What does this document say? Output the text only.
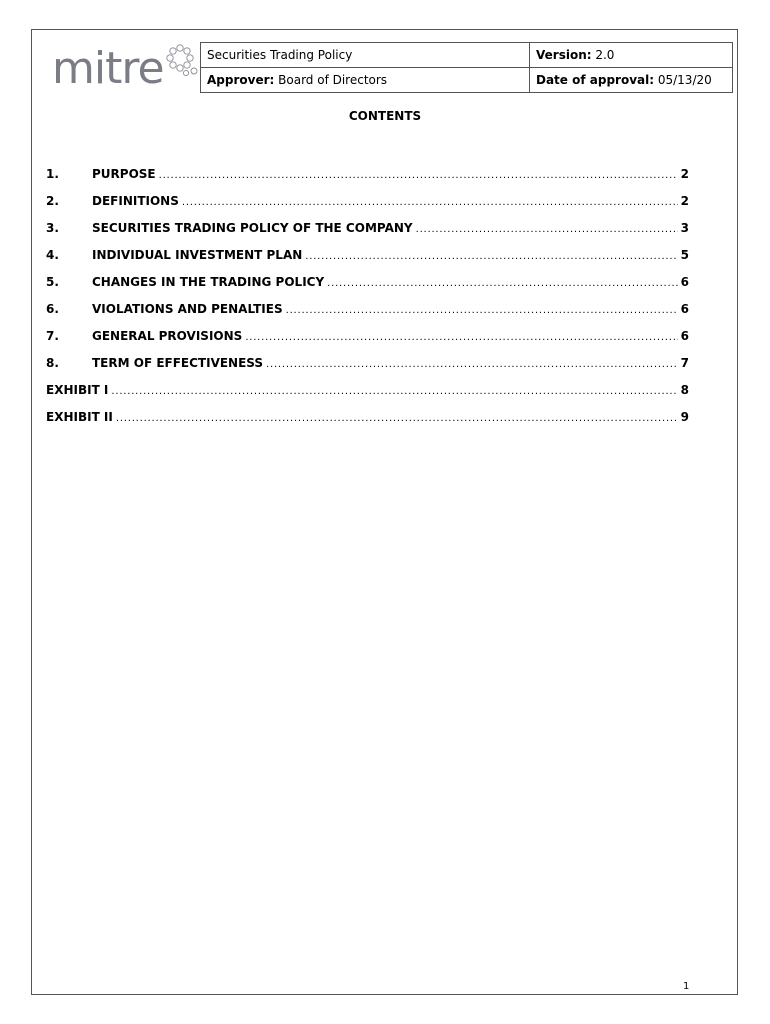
mitre	Securities Trading Policy	Version: 2.0
Approver: Board of Directors	Date of approval: 05/13/20
CONTENTS
1.	PURPOSE . . .	2
2.	DEFINITIONS . . .	2
3.	SECURITIES TRADING POLICY OF THE COMPANY . . .	3
4.	INDIVIDUAL INVESTMENT PLAN . . .	5
5.	CHANGES IN THE TRADING POLICY . . .	6
6.	VIOLATIONS AND PENALTIES . . .	6
7.	GENERAL PROVISIONS . . .	6
8.	TERM OF EFFECTIVENESS . . .	7
EXHIBIT I . . .	8
EXHIBIT II . . .	9
1
